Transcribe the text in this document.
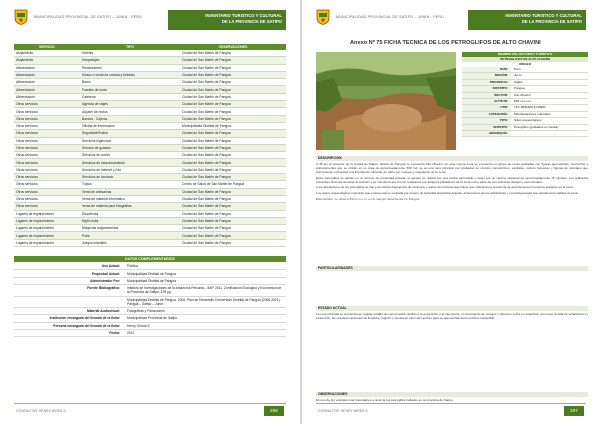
MUNICIPALIDAD PROVINCIAL DE SATIPO – JUNIN - PERU	INVENTARIO TURISTICO Y CULTURAL
DE LA PROVINCIA DE SATIPO
SERVICIO	TIPO	OBSERVACIONES
Alojamiento	Hoteles	Ciudad de San Martin de Pangoa
Alojamiento	Hospedajes	Ciudad de San Martin de Pangoa
Alimentación	Restaurantes	Ciudad de San Martin de Pangoa
Alimentación	Kiosco o venta de comida y bebidas	Ciudad de San Martin de Pangoa
Alimentación	Bares	Ciudad de San Martin de Pangoa
Alimentación	Fuentes de soda	Ciudad de San Martin de Pangoa
Alimentación	Cafetería	Ciudad de San Martin de Pangoa
Otros servicios	Agencia de viajes	Ciudad de San Martin de Pangoa
Otros servicios	Alquiler de motos	Ciudad de San Martin de Pangoa
Otros servicios	Bancos - Cajeros	Ciudad de San Martin de Pangoa
Otros servicios	Oficina de información	Municipalidad Distrital de Pangoa
Otros servicios	Seguridad/Policía	Ciudad de San Martin de Pangoa
Otros servicios	Servicios higiénicos	Ciudad de San Martin de Pangoa
Otros servicios	Servicio de guiados	Ciudad de San Martin de Pangoa
Otros servicios	Servicios de correo	Ciudad de San Martin de Pangoa
Otros servicios	Servicios de estacionamiento	Ciudad de San Martin de Pangoa
Otros servicios	Servicios de Internet y Fax	Ciudad de San Martin de Pangoa
Otros servicios	Servicios de locutorio	Ciudad de San Martin de Pangoa
Otros servicios	Tópico	Centro de Salud de San Martin de Pangoa
Otros servicios	Venta de artesanías	Ciudad de San Martin de Pangoa
Otros servicios	Venta de material informativo	Ciudad de San Martin de Pangoa
Otros servicios	Venta de material para fotografías	Ciudad de San Martin de Pangoa
Lugares de esparcimiento	Discotecas	Ciudad de San Martin de Pangoa
Lugares de esparcimiento	Night clubs	Ciudad de San Martin de Pangoa
Lugares de esparcimiento	Máquinas tragamonedas	Ciudad de San Martin de Pangoa
Lugares de esparcimiento	Pubs	Ciudad de San Martin de Pangoa
Lugares de esparcimiento	Juegos infantiles	Ciudad de San Martin de Pangoa
DATOS COMPLEMENTARIOS
Uso Actual:	Pública
Propiedad Actual:	Municipalidad Distrital de Pangoa
Administrador Por:	Municipalidad Distrital de Pangoa
Fuente Bibliográfica:	Instituto de Investigaciones de la Amazonía Peruana – IIAP. 2011. Zonificación Ecológica y Económica de la Provincia de Satipo, 139 pp.
Municipalidad Distrital de Pangoa. 2006. Plan de Desarrollo Concertado Distrital de Pangoa (2006-2021). Pangoa – Satipo – Junín.
Material Audiovisual:	Fotografías y Filmaciones
Institución encargada del llenado de la ficha:	Municipalidad Provincial de Satipo
Persona encargada del llenado de la ficha:	Henry Ochoa S.
Fecha:	2012
CONSULTOR: HENRY MIRES S.	296
MUNICIPALIDAD PROVINCIAL DE SATIPO – JUNIN - PERU	INVENTARIO TURISTICO Y CULTURAL
DE LA PROVINCIA DE SATIPO
Anexo Nº 75 FICHA TECNICA DE LOS PETROGLIFOS DE ALTO CHAVINI
NOMBRE DEL RECURSO TURISTICO
PETROGLIFOS DE ALTO CHAVINI
UBIGEO
PAÍS:	Perú
REGIÓN:	Junín
PROVINCIA:	Satipo
DISTRITO:	Pangoa
SECTOR:	Alto Chavini
ALTITUD:	893 m.s.n.m.
UTM:	18 L 0551609 8740981
CATEGORÍA:	Manifestaciones culturales
TIPO:	Sitios arqueológicos
SUBTIPO:	Petroglifos (grabados en piedra)
JERARQUÍA:
DESCRIPCION

A 45 km al suroeste de la ciudad de Satipo, distrito de Pangoa se encuentra Alto Chavini, en esta misma zona se encuentra un grupo de rocas grabadas con figuras geométricas, zoomorfas y antropomorfas que se ubican en un área de aproximadamente 500 m2; se ve una roca principal con grabados de círculos concéntricos, espirales, rostros humanos y figuras de animales que permanecen expuestas a la intemperie cubiertas en parte por musgos y vegetación de la zona.

Estos petroglifos se ubican en un terreno de propiedad privada, el acceso se realiza por una trocha carrozable y luego por un camino peatonal de aproximadamente 15 minutos. Los grabados presentan diversas técnicas de incisión y se considera que fueron realizados por antiguos pobladores de la zona como parte de sus prácticas rituales y ceremoniales.

A los alrededores de los petroglifos se han encontrado fragmentos de cerámica y restos de herramientas líticas que indicarían la presencia de asentamientos humanos antiguos en la zona.

Los restos arqueológicos muestran que el área estuvo ocupada por grupos de la familia lingüística Arawak, antecesores de los asháninkas y nomatsiguengas que actualmente habitan la zona.

Bienvenidos: se ubica a 893 m.s.n.m. en la margen derecha del río Pangoa.

PARTICULARIDADES
ESTADO ACTUAL
La roca principal se encuentra en regular estado de conservación debido a la exposición a la intemperie, el crecimiento de musgos y líquenes sobre su superficie, así como la falta de señalización y protección. Se requieren acciones de limpieza, registro y puesta en valor del recurso para su aprovechamiento turístico sostenible.
OBSERVACIONES
Es uno de los vestigios más importantes a nivel de los petroglifos hallados en la provincia de Satipo.
CONSULTOR: HENRY MIRES S.	297
